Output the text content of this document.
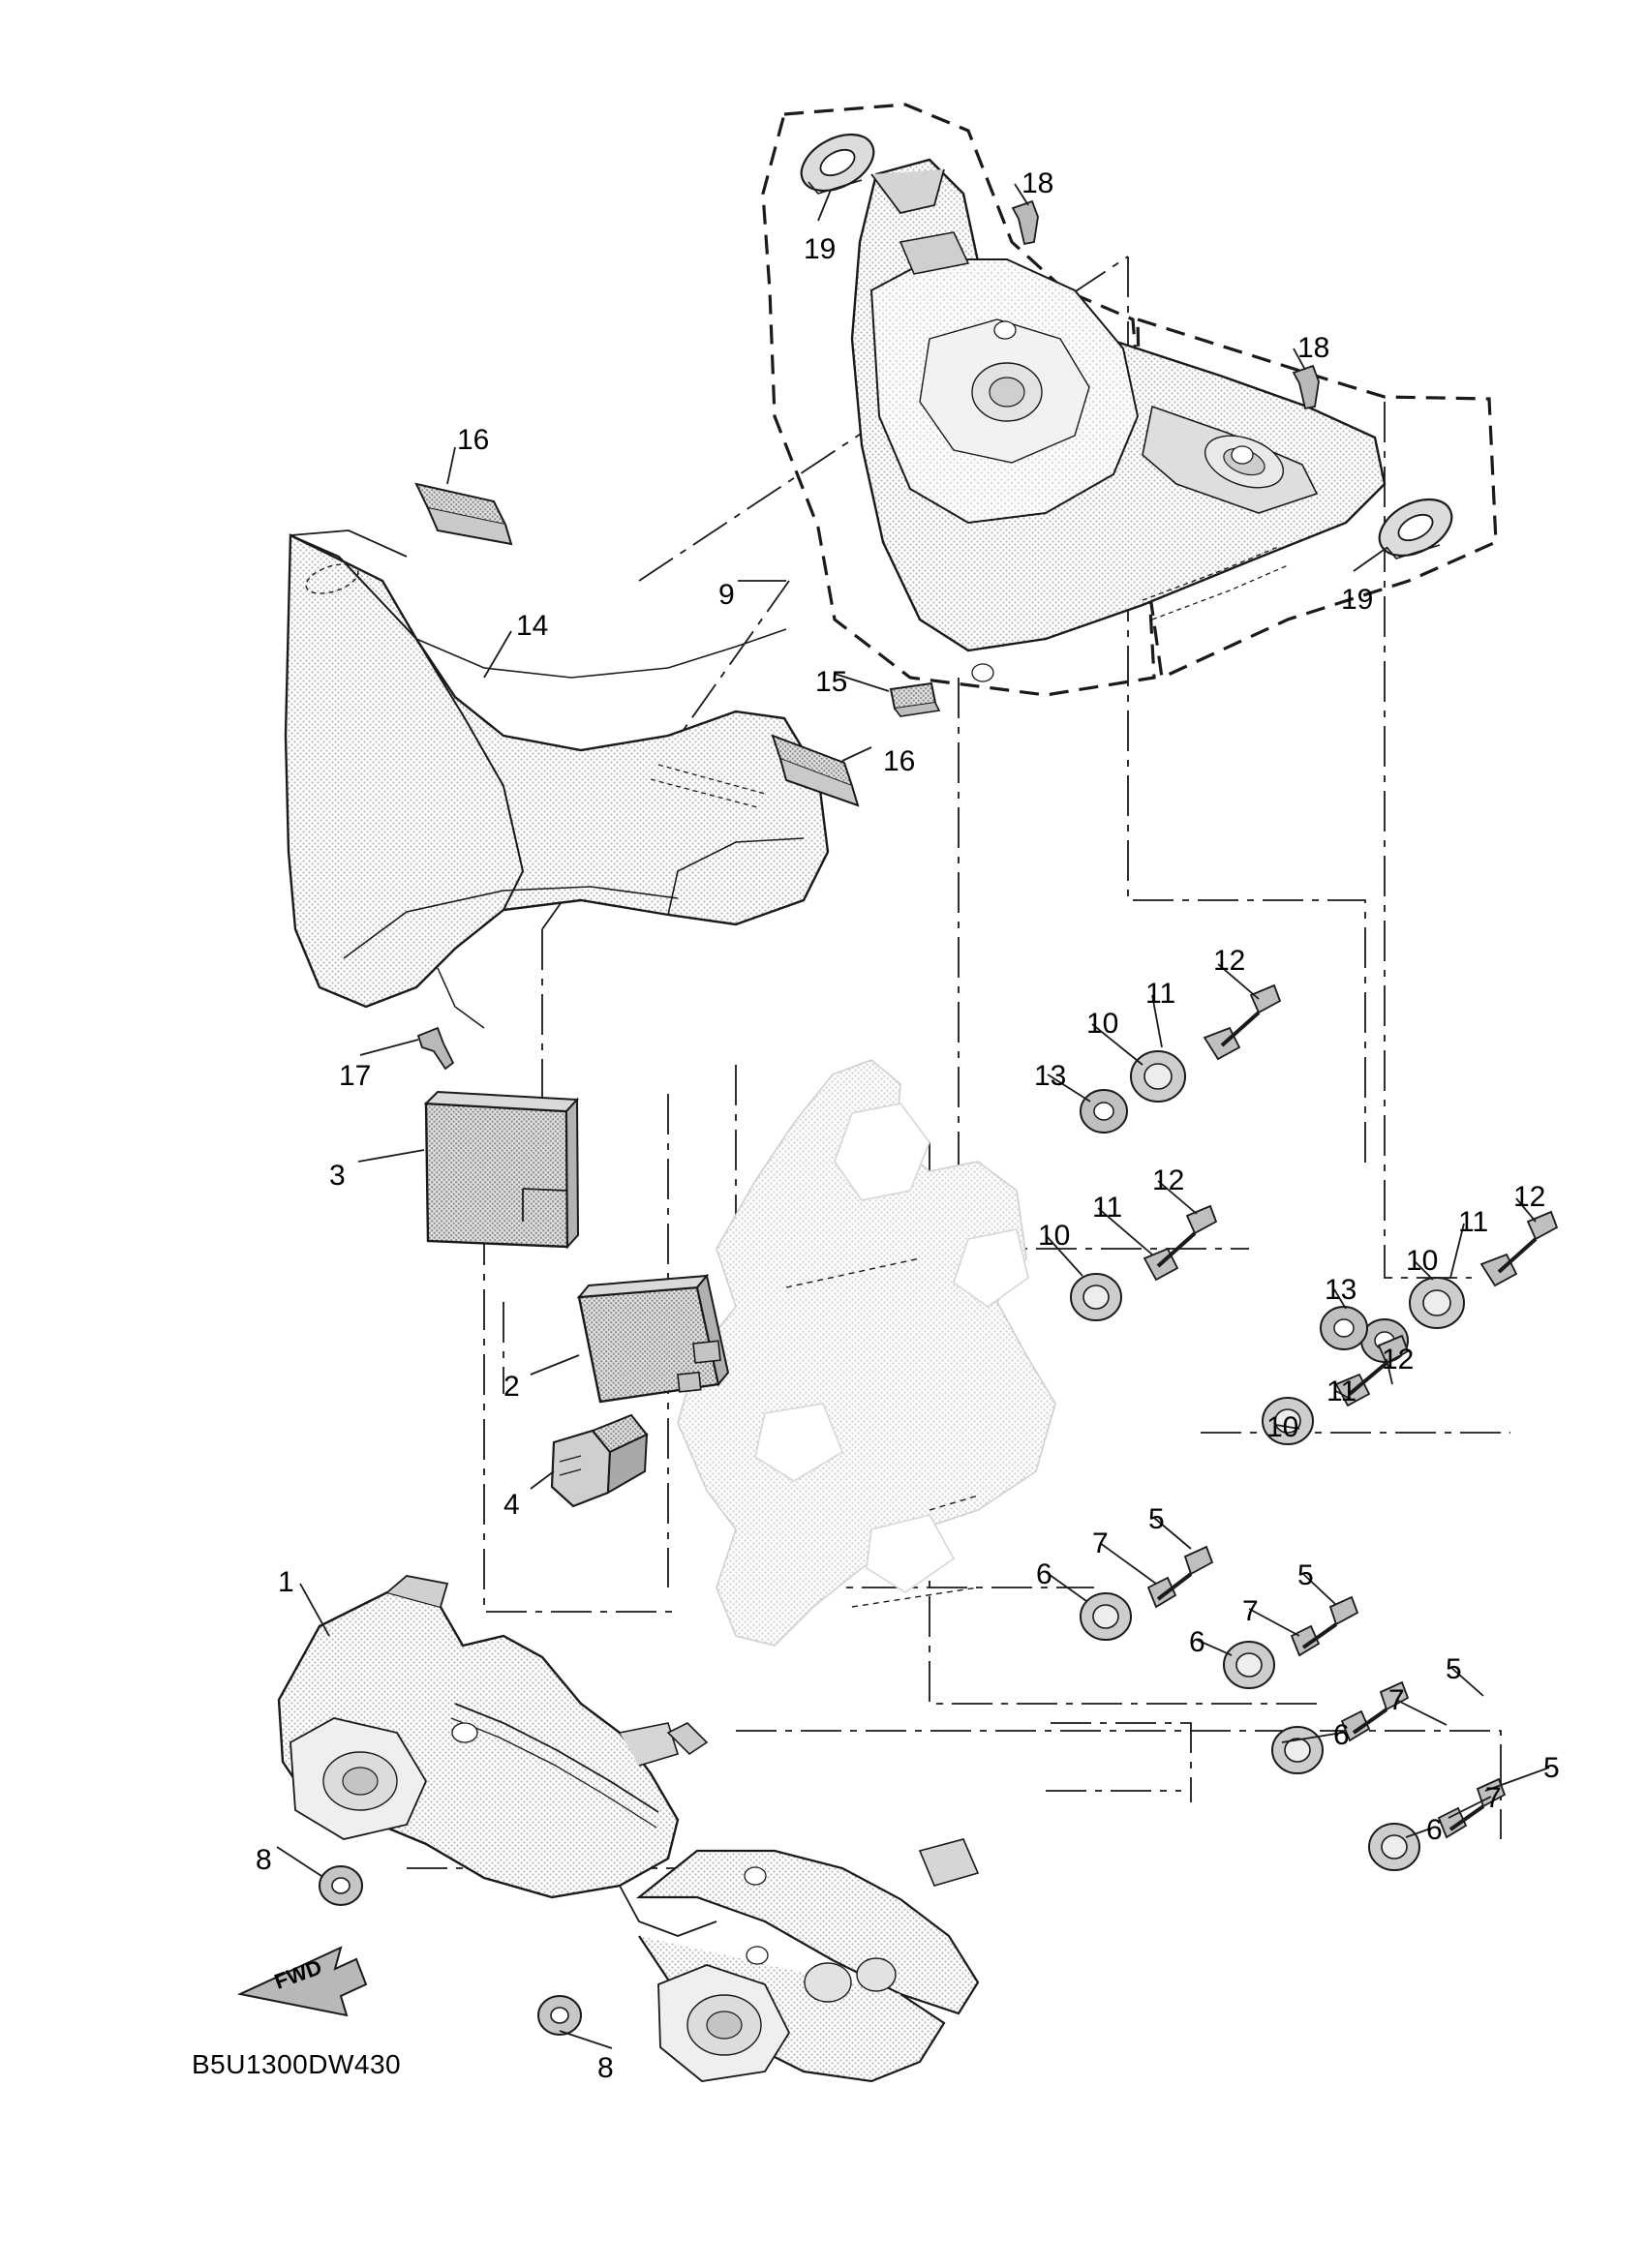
18
19
18
16
19
14
9
15
16
17
12
11
10
13
12
11
10
12
11
10
13
3
2
12
11
10
4	5
7
6	5
7
6
1
5
7
6
5
7
6
8
8
FWD
B5U1300DW430
